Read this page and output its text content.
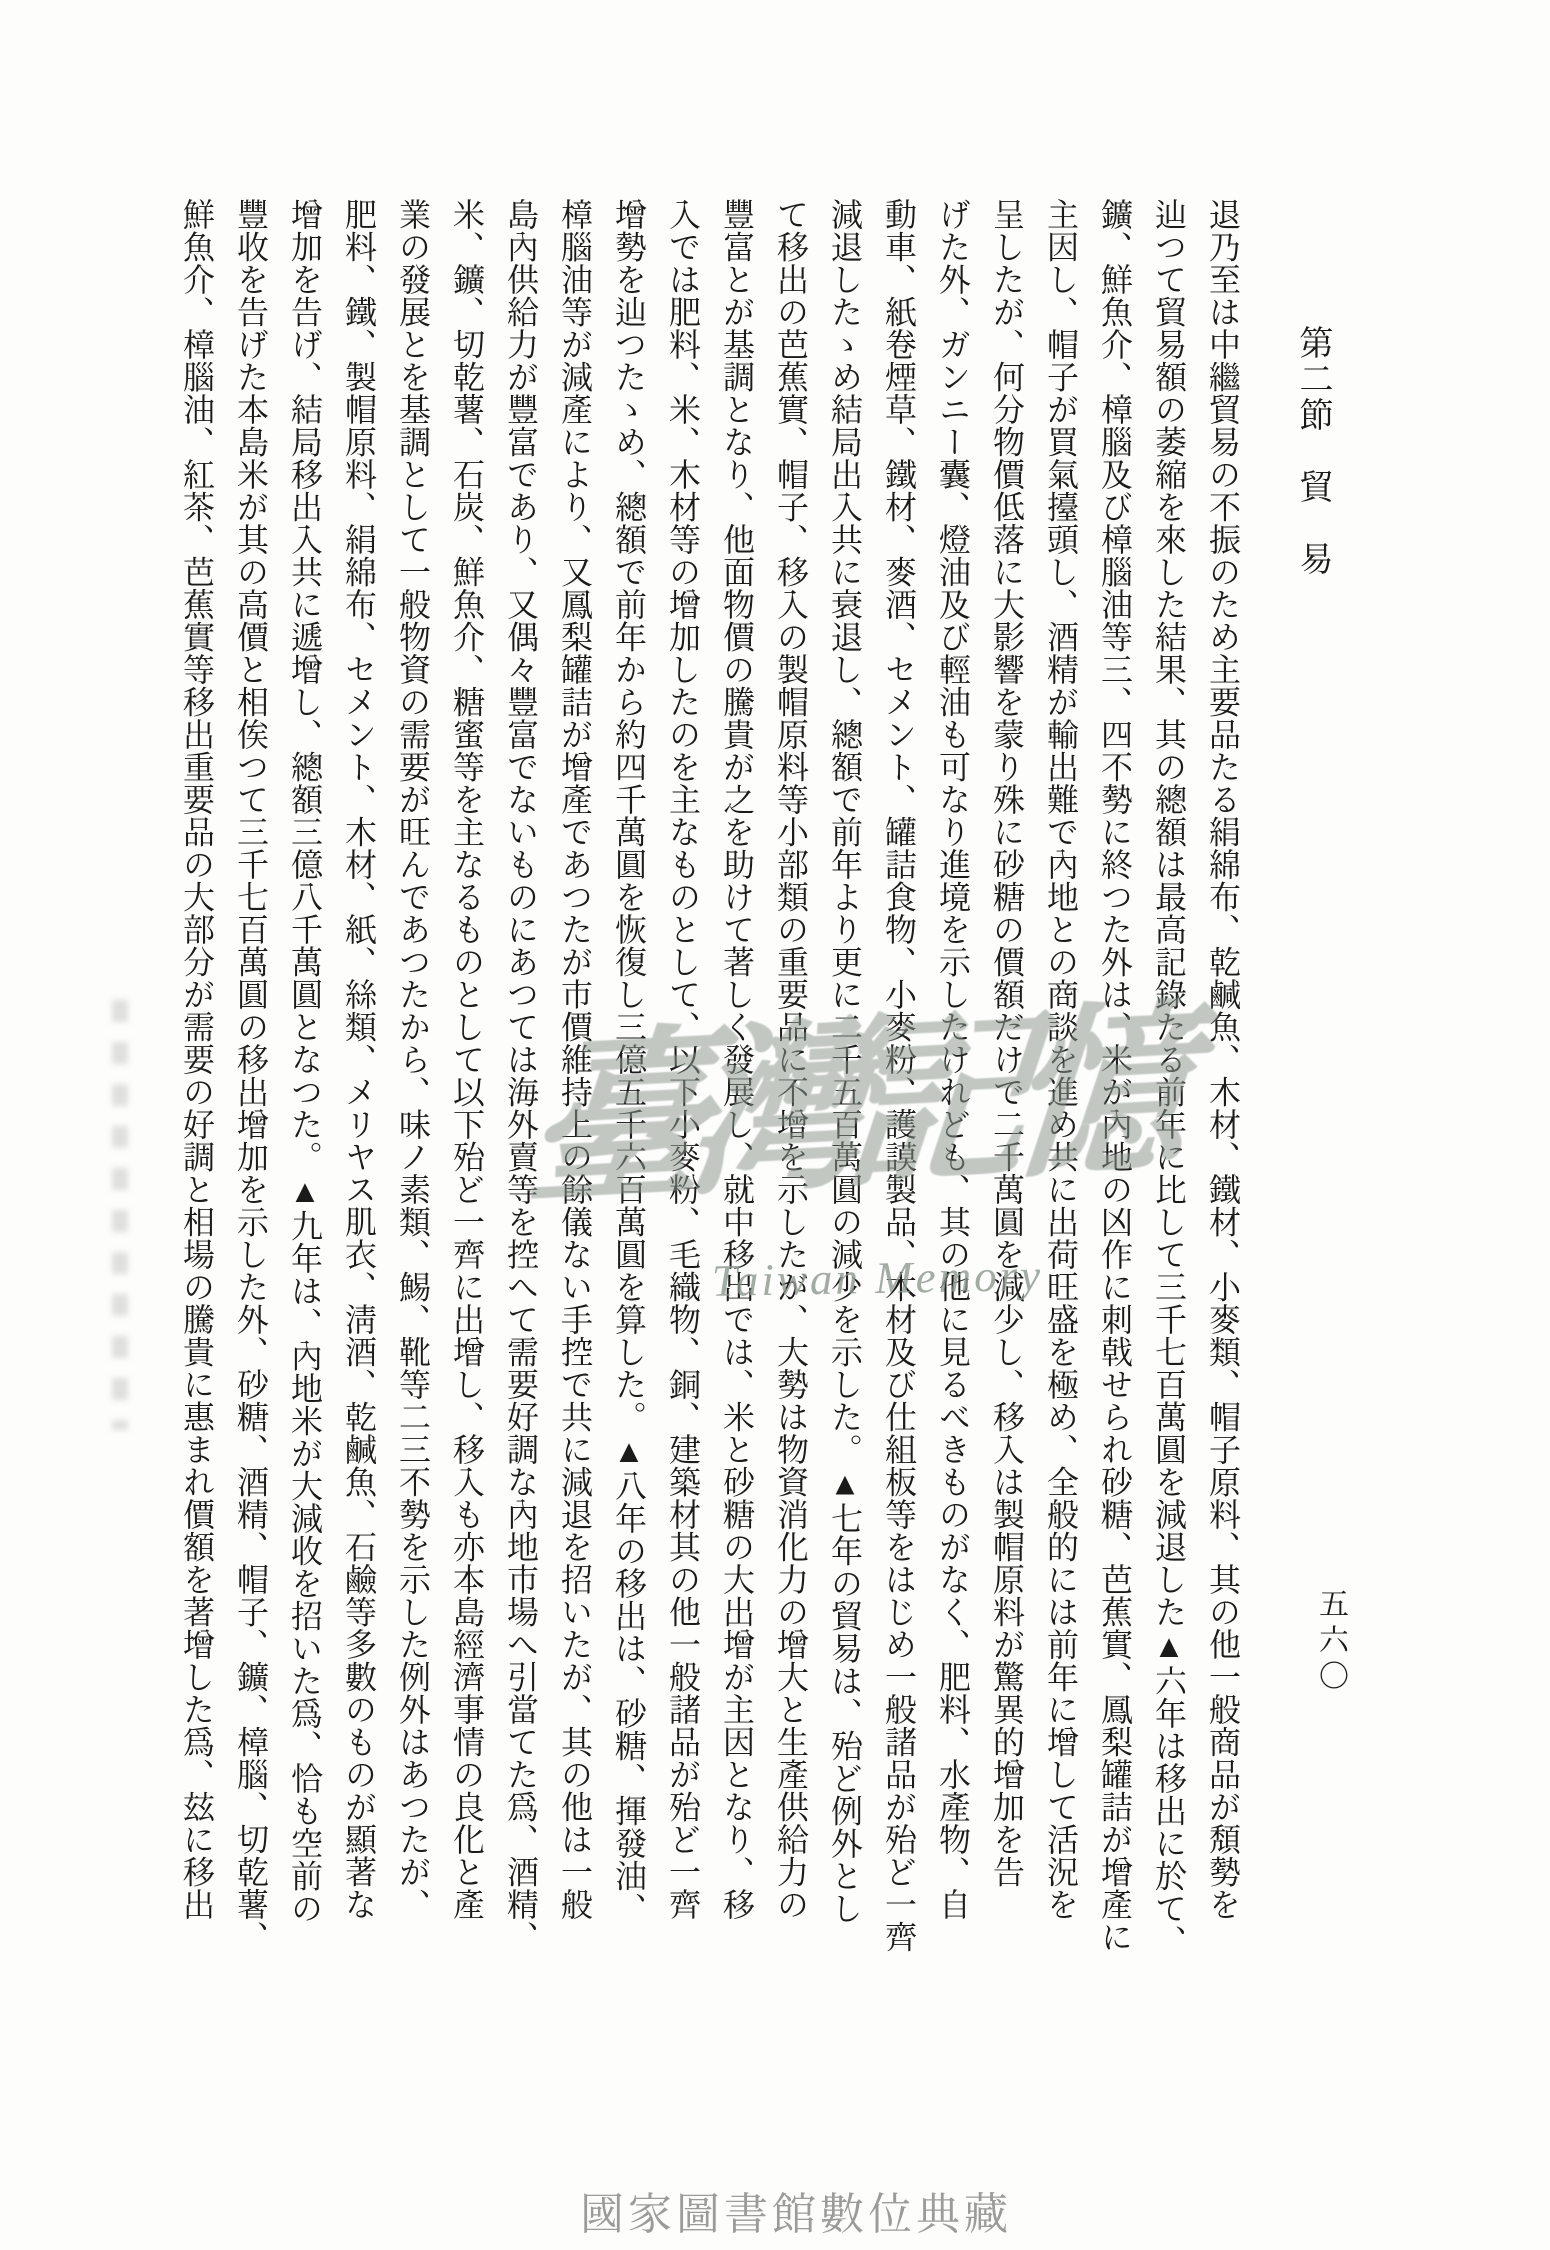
第二節　貿　易

退乃至は中繼貿易の不振のため主要品たる絹綿布、乾鹹魚、木材、鐵材、小麥類、帽子原料、其の他一般商品が頽勢を

辿つて貿易額の萎縮を來した結果、其の總額は最高記錄たる前年に比して三千七百萬圓を減退した▲六年は移出に於て、

鑛、鮮魚介、樟腦及び樟腦油等三、四不勢に終つた外は、米が內地の凶作に刺戟せられ砂糖、芭蕉實、鳳梨罐詰が增產に

主因し、帽子が買氣擡頭し、酒精が輸出難で內地との商談を進め共に出荷旺盛を極め、全般的には前年に增して活況を

呈したが、何分物價低落に大影響を蒙り殊に砂糖の價額だけで二千萬圓を減少し、移入は製帽原料が驚異的增加を告

げた外、ガンニー囊、燈油及び輕油も可なり進境を示したけれども、其の他に見るべきものがなく、肥料、水產物、自

動車、紙卷煙草、鐵材、麥酒、セメント、罐詰食物、小麥粉、護謨製品、木材及び仕組板等をはじめ一般諸品が殆ど一齊

減退したゝめ結局出入共に衰退し、總額で前年より更に二千五百萬圓の減少を示した。▲七年の貿易は、殆ど例外とし

て移出の芭蕉實、帽子、移入の製帽原料等小部類の重要品に不增を示したが、大勢は物資消化力の增大と生產供給力の

豐富とが基調となり、他面物價の騰貴が之を助けて著しく發展し、就中移出では、米と砂糖の大出增が主因となり、移

入では肥料、米、木材等の增加したのを主なものとして、以下小麥粉、毛織物、銅、建築材其の他一般諸品が殆ど一齊

增勢を辿つたゝめ、總額で前年から約四千萬圓を恢復し三億五千六百萬圓を算した。▲八年の移出は、砂糖、揮發油、

樟腦油等が減產により、又鳳梨罐詰が增產であつたが市價維持上の餘儀ない手控で共に減退を招いたが、其の他は一般

島內供給力が豐富であり、又偶々豐富でないものにあつては海外賣等を控へて需要好調な內地市場へ引當てた爲、酒精、

米、鑛、切乾薯、石炭、鮮魚介、糖蜜等を主なるものとして以下殆ど一齊に出增し、移入も亦本島經濟事情の良化と產

業の發展とを基調として一般物資の需要が旺んであつたから、味ノ素類、鯣、靴等二三不勢を示した例外はあつたが、

肥料、鐵、製帽原料、絹綿布、セメント、木材、紙、絲類、メリヤス肌衣、淸酒、乾鹹魚、石鹼等多數のものが顯著な

增加を告げ、結局移出入共に遞增し、總額三億八千萬圓となつた。▲九年は、內地米が大減收を招いた爲、恰も空前の

豐收を告げた本島米が其の高價と相俟つて三千七百萬圓の移出增加を示した外、砂糖、酒精、帽子、鑛、樟腦、切乾薯、

鮮魚介、樟腦油、紅茶、芭蕉實等移出重要品の大部分が需要の好調と相場の騰貴に惠まれ價額を著增した爲、玆に移出	五六〇
臺灣記憶
Taiwan Memory
國家圖書館數位典藏
